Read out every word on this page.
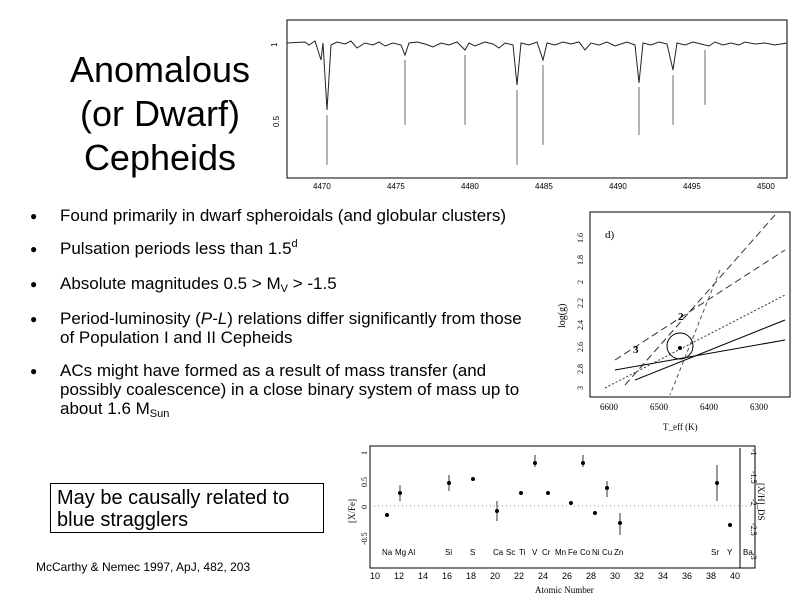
Anomalous
(or Dwarf)
Cepheids
1
0.5
4470	4475	4480	4485	4490	4495	4500
● Found primarily in dwarf spheroidals (and globular clusters)
● Pulsation periods less than 1.5$^d$
● Absolute magnitudes $0.5 > M_V > -1.5$
● Period-luminosity (P-L) relations differ significantly from those of Population I and II Cepheids
● ACs might have formed as a result of mass transfer (and possibly coalescence) in a close binary system of mass up to about 1.6 $M_{Sun}$
d)
2
3
log(g)
1.6
1.8
2
2.2
2.4
2.6
2.8
3
6600	6500	6400	6300
T_eff (K)
[X/Fe]	[X/H]_DS
1
0.5
0
-0.5
-1
-1.5
-2
-2.5
-3
Na Mg Al	Si S Ca Sc Ti V Cr Mn Fe Co Ni Cu Zn	Sr Y Ba
10 12 14 16 18 20 22 24 26 28 30 32 34 36 38 40
Atomic Number
May be causally related to blue stragglers
McCarthy & Nemec 1997, ApJ, 482, 203
